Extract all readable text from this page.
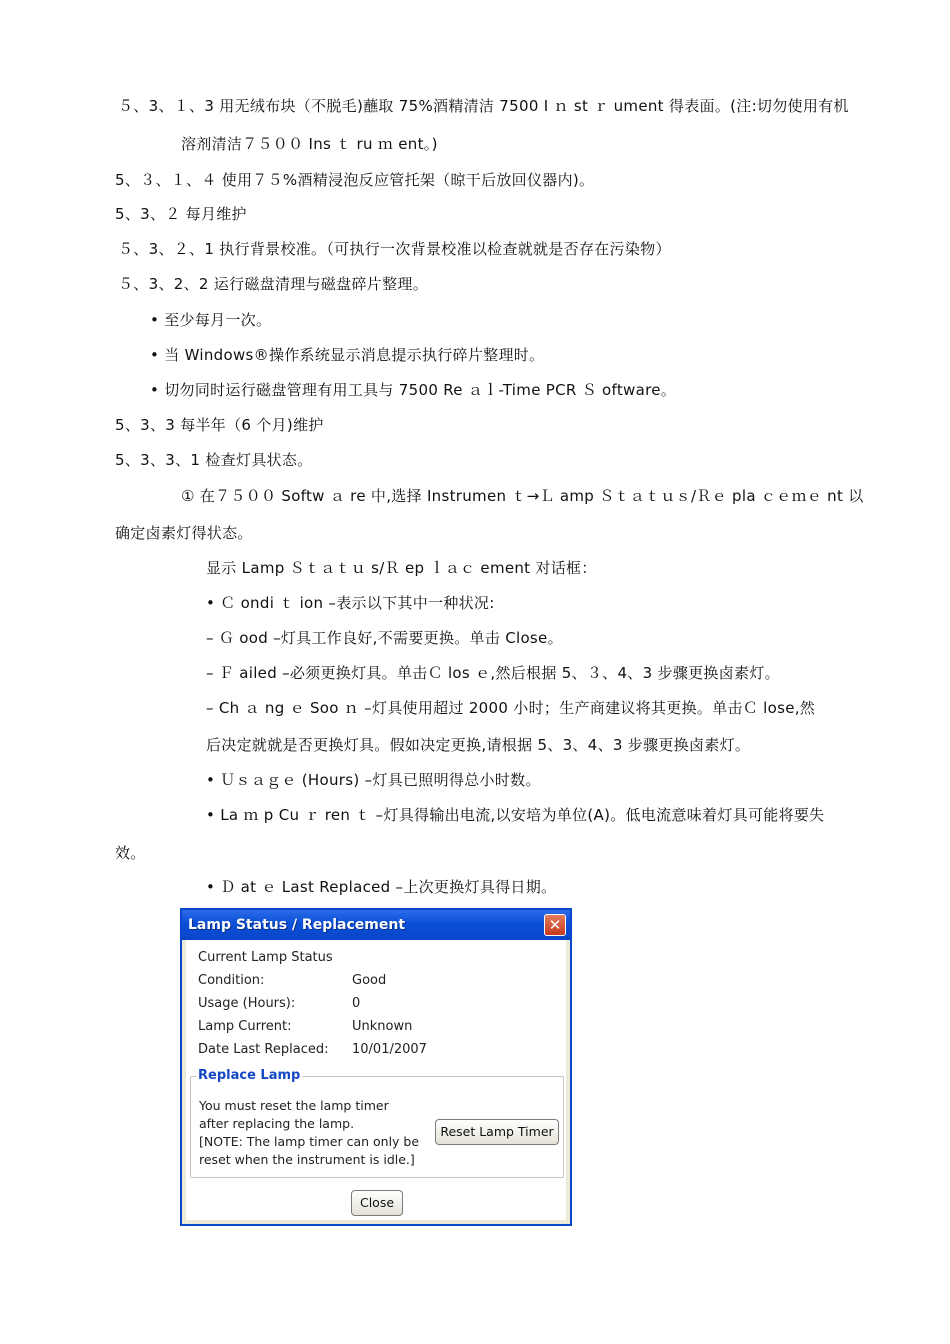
５、3、１、3 用无绒布块（不脱毛)蘸取 75%酒精清洁 7500 I ｎ st ｒ ument 得表面。(注:切勿使用有机
溶剂清洁７５００ Ins ｔ ru ｍ ent。)
5、３、１、４ 使用７５%酒精浸泡反应管托架（晾干后放回仪器内)。
5、3、２ 每月维护
５、3、２、1 执行背景校准。（可执行一次背景校准以检查就就是否存在污染物）
５、3、2、2 运行磁盘清理与磁盘碎片整理。
• 至少每月一次。
• 当 Windows®操作系统显示消息提示执行碎片整理时。
• 切勿同时运行磁盘管理有用工具与 7500 Re ａｌ-Time PCR Ｓ oftware。
5、3、3 每半年（6 个月)维护
5、3、3、1 检查灯具状态。
① 在７５００ Softw ａ re 中,选择 Instrumen ｔ→Ｌ amp Ｓｔａｔｕｓ/Ｒｅ pla ｃｅｍｅ nt 以
确定卤素灯得状态。
显示 Lamp Ｓｔａｔｕ s/Ｒ ep ｌａｃ ement 对话框：
• Ｃ ondi ｔ ion –表示以下其中一种状况:
– Ｇ ood –灯具工作良好,不需要更换。单击 Close。
– Ｆ ailed –必须更换灯具。单击Ｃ los ｅ,然后根据 5、３、4、3 步骤更换卤素灯。
– Ch ａ ng ｅ Soo ｎ –灯具使用超过 2000 小时；生产商建议将其更换。单击Ｃ lose,然
后决定就就是否更换灯具。假如决定更换,请根据 5、3、4、3 步骤更换卤素灯。
• Ｕｓａｇｅ (Hours) –灯具已照明得总小时数。
• La ｍ p Cu ｒ ren ｔ –灯具得输出电流,以安培为单位(A)。低电流意味着灯具可能将要失
效。
• Ｄ at ｅ Last Replaced –上次更换灯具得日期。
Lamp Status / Replacement	✕
Current Lamp Status
Condition:	Good
Usage (Hours):	0
Lamp Current:	Unknown
Date Last Replaced: 10/01/2007
Replace Lamp
You must reset the lamp timer
after replacing the lamp.
[NOTE: The lamp timer can only be
reset when the instrument is idle.]
Reset Lamp Timer
Close
